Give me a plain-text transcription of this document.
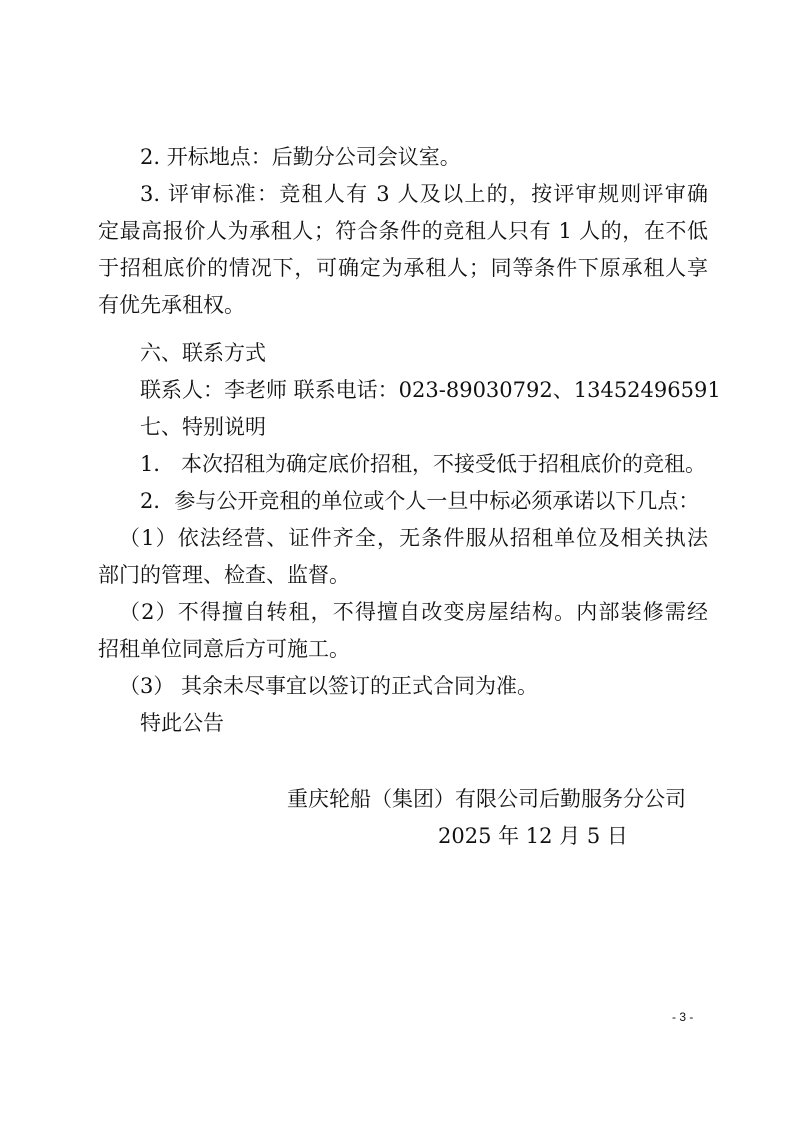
2. 开标地点：后勤分公司会议室。
3. 评审标准：竞租人有 3 人及以上的，按评审规则评审确
定最高报价人为承租人；符合条件的竞租人只有 1 人的，在不低
于招租底价的情况下，可确定为承租人；同等条件下原承租人享
有优先承租权。
六、联系方式
联系人：李老师 联系电话：023-89030792、13452496591
七、特别说明
1． 本次招租为确定底价招租，不接受低于招租底价的竞租。
2．参与公开竞租的单位或个人一旦中标必须承诺以下几点：
（1）依法经营、证件齐全，无条件服从招租单位及相关执法
部门的管理、检查、监督。
（2）不得擅自转租，不得擅自改变房屋结构。内部装修需经
招租单位同意后方可施工。
（3） 其余未尽事宜以签订的正式合同为准。
特此公告
重庆轮船（集团）有限公司后勤服务分公司
2025 年 12 月 5 日
- 3 -
